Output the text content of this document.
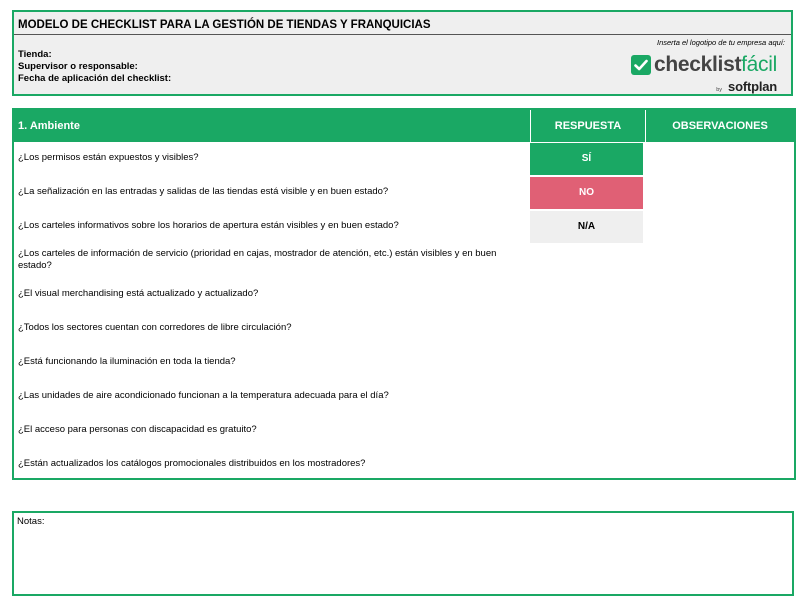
MODELO DE CHECKLIST PARA LA GESTIÓN DE TIENDAS Y FRANQUICIAS
Tienda:
Supervisor o responsable:
Fecha de aplicación del checklist:
Inserta el logotipo de tu empresa aquí:
checklist fácil
by softplan
1. Ambiente	RESPUESTA	OBSERVACIONES
¿Los permisos están expuestos y visibles?	SÍ
¿La señalización en las entradas y salidas de las tiendas está visible y en buen estado?	NO
¿Los carteles informativos sobre los horarios de apertura están visibles y en buen estado?	N/A
¿Los carteles de información de servicio (prioridad en cajas, mostrador de atención, etc.) están visibles y en buen estado?
¿El visual merchandising está actualizado y actualizado?
¿Todos los sectores cuentan con corredores de libre circulación?
¿Está funcionando la iluminación en toda la tienda?
¿Las unidades de aire acondicionado funcionan a la temperatura adecuada para el día?
¿El acceso para personas con discapacidad es gratuito?
¿Están actualizados los catálogos promocionales distribuidos en los mostradores?
Notas:
